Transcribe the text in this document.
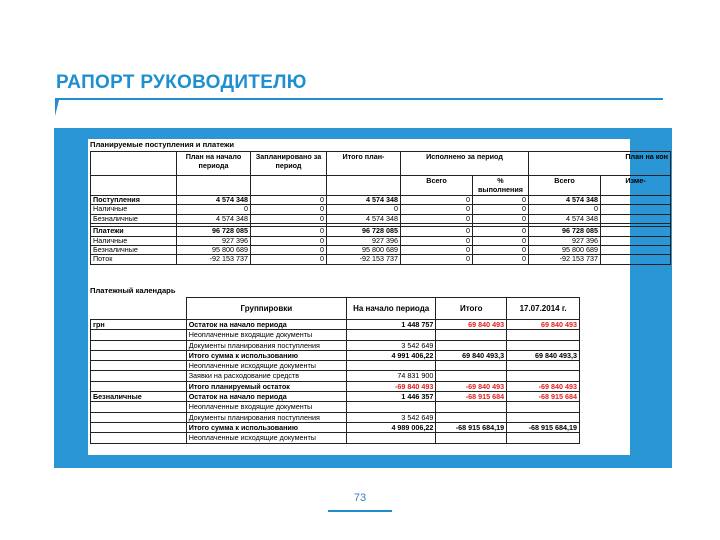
РАПОРТ РУКОВОДИТЕЛЮ
Планируемые поступления и платежи
	План на начало периода	Запланировано за период	Итого план-	Исполнено за период		План на кон	
				Всего	% выполнения	Всего	Изме-
Поступления	4 574 348	0	4 574 348	0	0	4 574 348	
Наличные	0	0	0	0	0	0	
Безналичные	4 574 348	0	4 574 348	0	0	4 574 348	

Платежи	96 728 085	0	96 728 085	0	0	96 728 085	
Наличные	927 396	0	927 396	0	0	927 396	
Безналичные	95 800 689	0	95 800 689	0	0	95 800 689	
Поток	-92 153 737	0	-92 153 737	0	0	-92 153 737	
Платежный календарь
	Группировки	На начало периода	Итого	17.07.2014 г.
грн	Остаток на начало периода	1 448 757	69 840 493	69 840 493
	Неоплаченные входящие документы			
	Документы планирования поступления	3 542 649		
	Итого сумма к использованию	4 991 406,22	69 840 493,3	69 840 493,3
	Неоплаченные исходящие документы			
	Заявки на расходование средств	74 831 900		
	Итого планируемый остаток	-69 840 493	-69 840 493	-69 840 493
Безналичные	Остаток на начало периода	1 446 357	-68 915 684	-68 915 684
	Неоплаченные входящие документы			
	Документы планирования поступления	3 542 649		
	Итого сумма к использованию	4 989 006,22	-68 915 684,19	-68 915 684,19
	Неоплаченные исходящие документы			
73
